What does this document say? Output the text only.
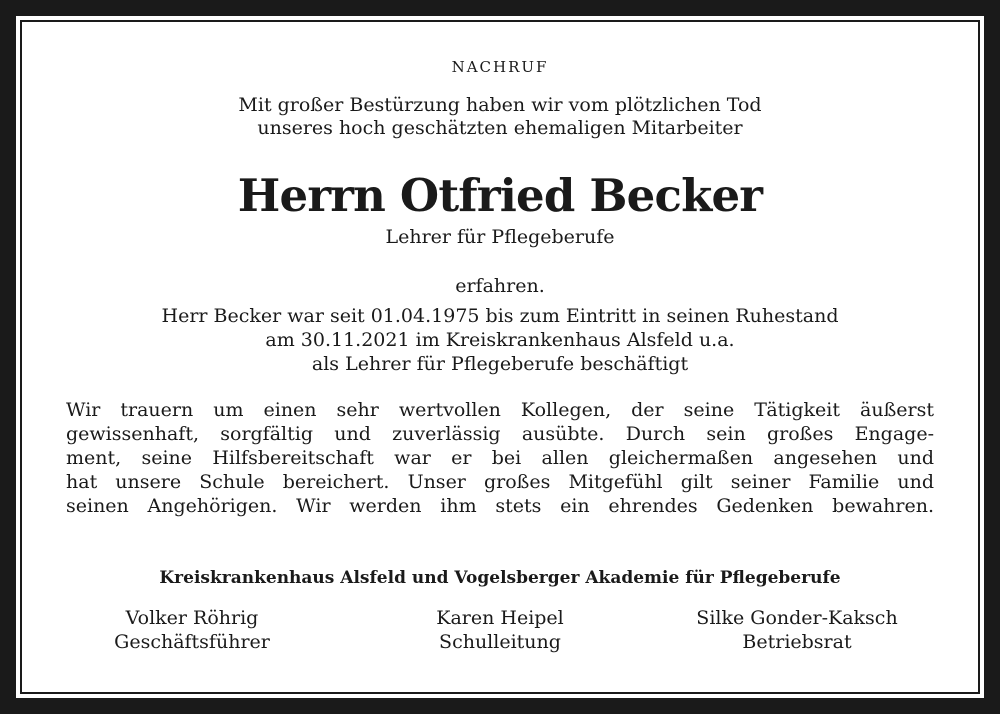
NACHRUF
Mit großer Bestürzung haben wir vom plötzlichen Tod
unseres hoch geschätzten ehemaligen Mitarbeiter
Herrn Otfried Becker
Lehrer für Pflegeberufe
erfahren.
Herr Becker war seit 01.04.1975 bis zum Eintritt in seinen Ruhestand
am 30.11.2021 im Kreiskrankenhaus Alsfeld u.a.
als Lehrer für Pflegeberufe beschäftigt
Wir trauern um einen sehr wertvollen Kollegen, der seine Tätigkeit äußerst
gewissenhaft, sorgfältig und zuverlässig ausübte. Durch sein großes Engage-
ment, seine Hilfsbereitschaft war er bei allen gleichermaßen angesehen und
hat unsere Schule bereichert. Unser großes Mitgefühl gilt seiner Familie und
seinen Angehörigen. Wir werden ihm stets ein ehrendes Gedenken bewahren.
Kreiskrankenhaus Alsfeld und Vogelsberger Akademie für Pflegeberufe
Volker Röhrig
Geschäftsführer
Karen Heipel
Schulleitung
Silke Gonder-Kaksch
Betriebsrat
